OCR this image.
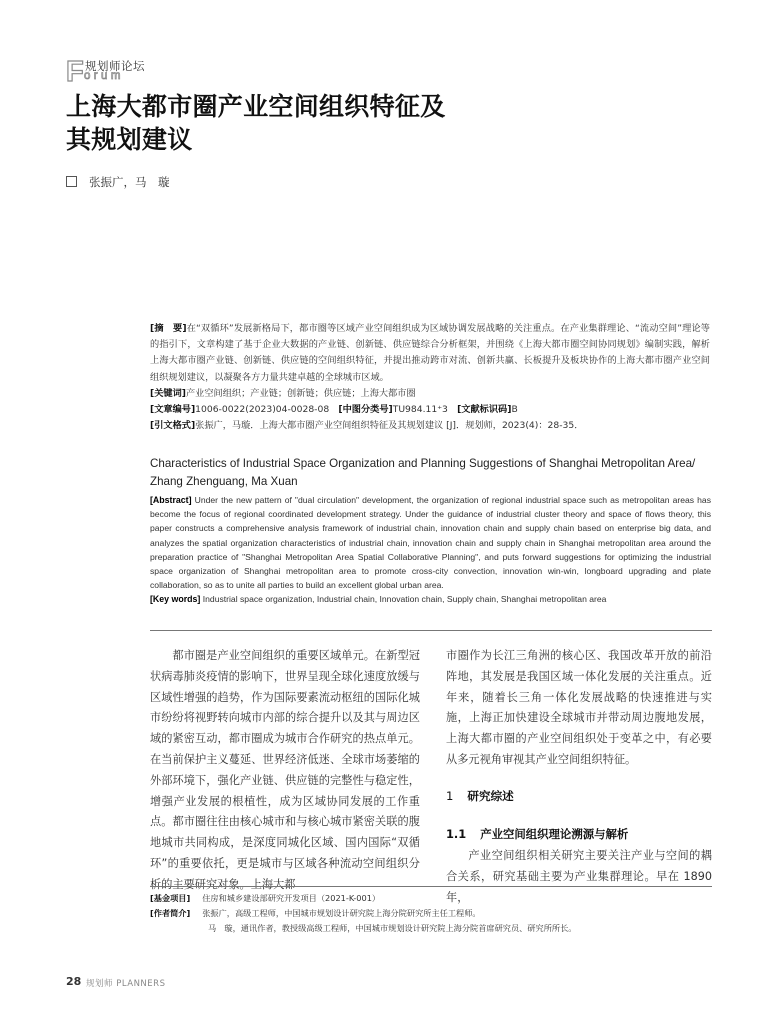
F 规划师论坛
orum
上海大都市圈产业空间组织特征及
其规划建议
张振广，马　璇

[摘　要]在“双循环”发展新格局下，都市圈等区域产业空间组织成为区域协调发展战略的关注重点。在产业集群理论、“流动空间”理论等的指引下，文章构建了基于企业大数据的产业链、创新链、供应链综合分析框架，并围绕《上海大都市圈空间协同规划》编制实践，解析上海大都市圈产业链、创新链、供应链的空间组织特征，并提出推动跨市对流、创新共赢、长板提升及板块协作的上海大都市圈产业空间组织规划建议，以凝聚各方力量共建卓越的全球城市区域。

[关键词]产业空间组织；产业链；创新链；供应链；上海大都市圈

[文章编号]1006-0022(2023)04-0028-08　 [中图分类号]TU984.11⁺3　 [文献标识码]B

[引文格式]张振广，马璇．上海大都市圈产业空间组织特征及其规划建议 [J]．规划师，2023(4)：28-35．

Characteristics of Industrial Space Organization and Planning Suggestions of Shanghai Metropolitan Area/ Zhang Zhenguang, Ma Xuan

[Abstract] Under the new pattern of "dual circulation" development, the organization of regional industrial space such as metropolitan areas has become the focus of regional coordinated development strategy. Under the guidance of industrial cluster theory and space of flows theory, this paper constructs a comprehensive analysis framework of industrial chain, innovation chain and supply chain based on enterprise big data, and analyzes the spatial organization characteristics of industrial chain, innovation chain and supply chain in Shanghai metropolitan area around the preparation practice of "Shanghai Metropolitan Area Spatial Collaborative Planning", and puts forward suggestions for optimizing the industrial space organization of Shanghai metropolitan area to promote cross-city convection, innovation win-win, longboard upgrading and plate collaboration, so as to unite all parties to build an excellent global urban area.

[Key words] Industrial space organization, Industrial chain, Innovation chain, Supply chain, Shanghai metropolitan area

都市圈是产业空间组织的重要区域单元。在新型冠状病毒肺炎疫情的影响下，世界呈现全球化速度放缓与区域性增强的趋势，作为国际要素流动枢纽的国际化城市纷纷将视野转向城市内部的综合提升以及其与周边区域的紧密互动，都市圈成为城市合作研究的热点单元。在当前保护主义蔓延、世界经济低迷、全球市场萎缩的外部环境下，强化产业链、供应链的完整性与稳定性，增强产业发展的根植性，成为区域协同发展的工作重点。都市圈往往由核心城市和与核心城市紧密关联的腹地城市共同构成，是深度同城化区域、国内国际“双循环”的重要依托，更是城市与区域各种流动空间组织分析的主要研究对象。上海大都

市圈作为长江三角洲的核心区、我国改革开放的前沿阵地，其发展是我国区域一体化发展的关注重点。近年来，随着长三角一体化发展战略的快速推进与实施，上海正加快建设全球城市并带动周边腹地发展，上海大都市圈的产业空间组织处于变革之中，有必要从多元视角审视其产业空间组织特征。

1 研究综述
1.1 产业空间组织理论溯源与解析

产业空间组织相关研究主要关注产业与空间的耦合关系，研究基础主要为产业集群理论。早在 1890 年，

[基金项目] 住房和城乡建设部研究开发项目（2021-K-001）
[作者简介] 张振广，高级工程师，中国城市规划设计研究院上海分院研究所主任工程师。
马　璇，通讯作者，教授级高级工程师，中国城市规划设计研究院上海分院首席研究员、研究所所长。
28 规划师 PLANNERS
